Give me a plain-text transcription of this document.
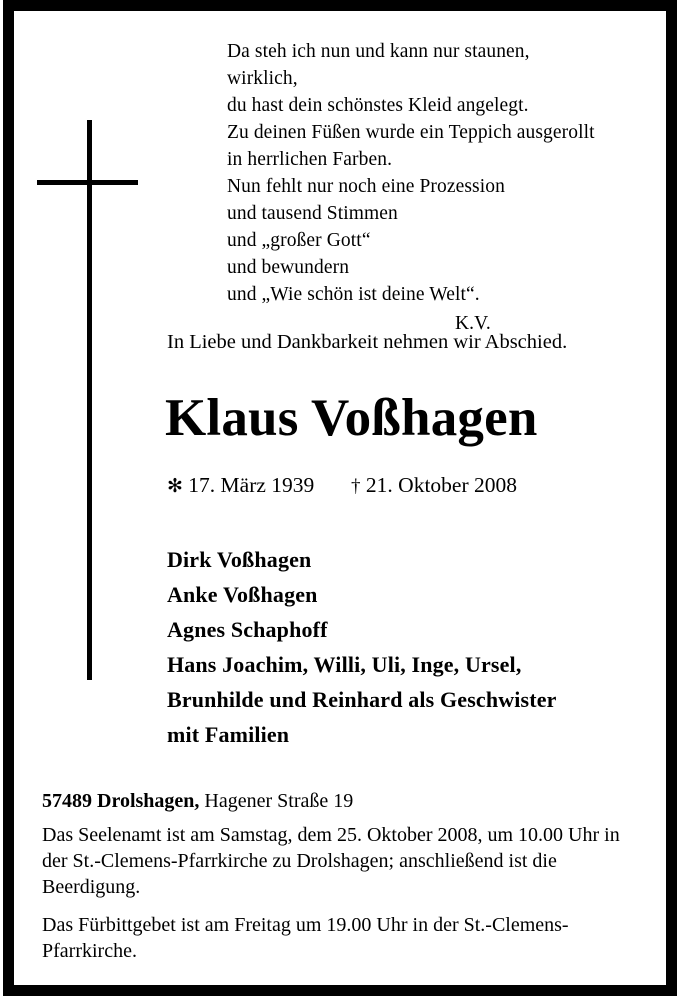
Da steh ich nun und kann nur staunen,
wirklich,
du hast dein schönstes Kleid angelegt.
Zu deinen Füßen wurde ein Teppich ausgerollt
in herrlichen Farben.
Nun fehlt nur noch eine Prozession
und tausend Stimmen
und „großer Gott“
und bewundern
und „Wie schön ist deine Welt“.
K.V.
In Liebe und Dankbarkeit nehmen wir Abschied.
Klaus Voßhagen
✻ 17. März 1939 † 21. Oktober 2008
Dirk Voßhagen
Anke Voßhagen
Agnes Schaphoff
Hans Joachim, Willi, Uli, Inge, Ursel,
Brunhilde und Reinhard als Geschwister
mit Familien

57489 Drolshagen, Hagener Straße 19

Das Seelenamt ist am Samstag, dem 25. Oktober 2008, um 10.00 Uhr in der St.-Clemens-Pfarrkirche zu Drolshagen; anschließend ist die Beerdigung.

Das Fürbittgebet ist am Freitag um 19.00 Uhr in der St.-Clemens-Pfarrkirche.
